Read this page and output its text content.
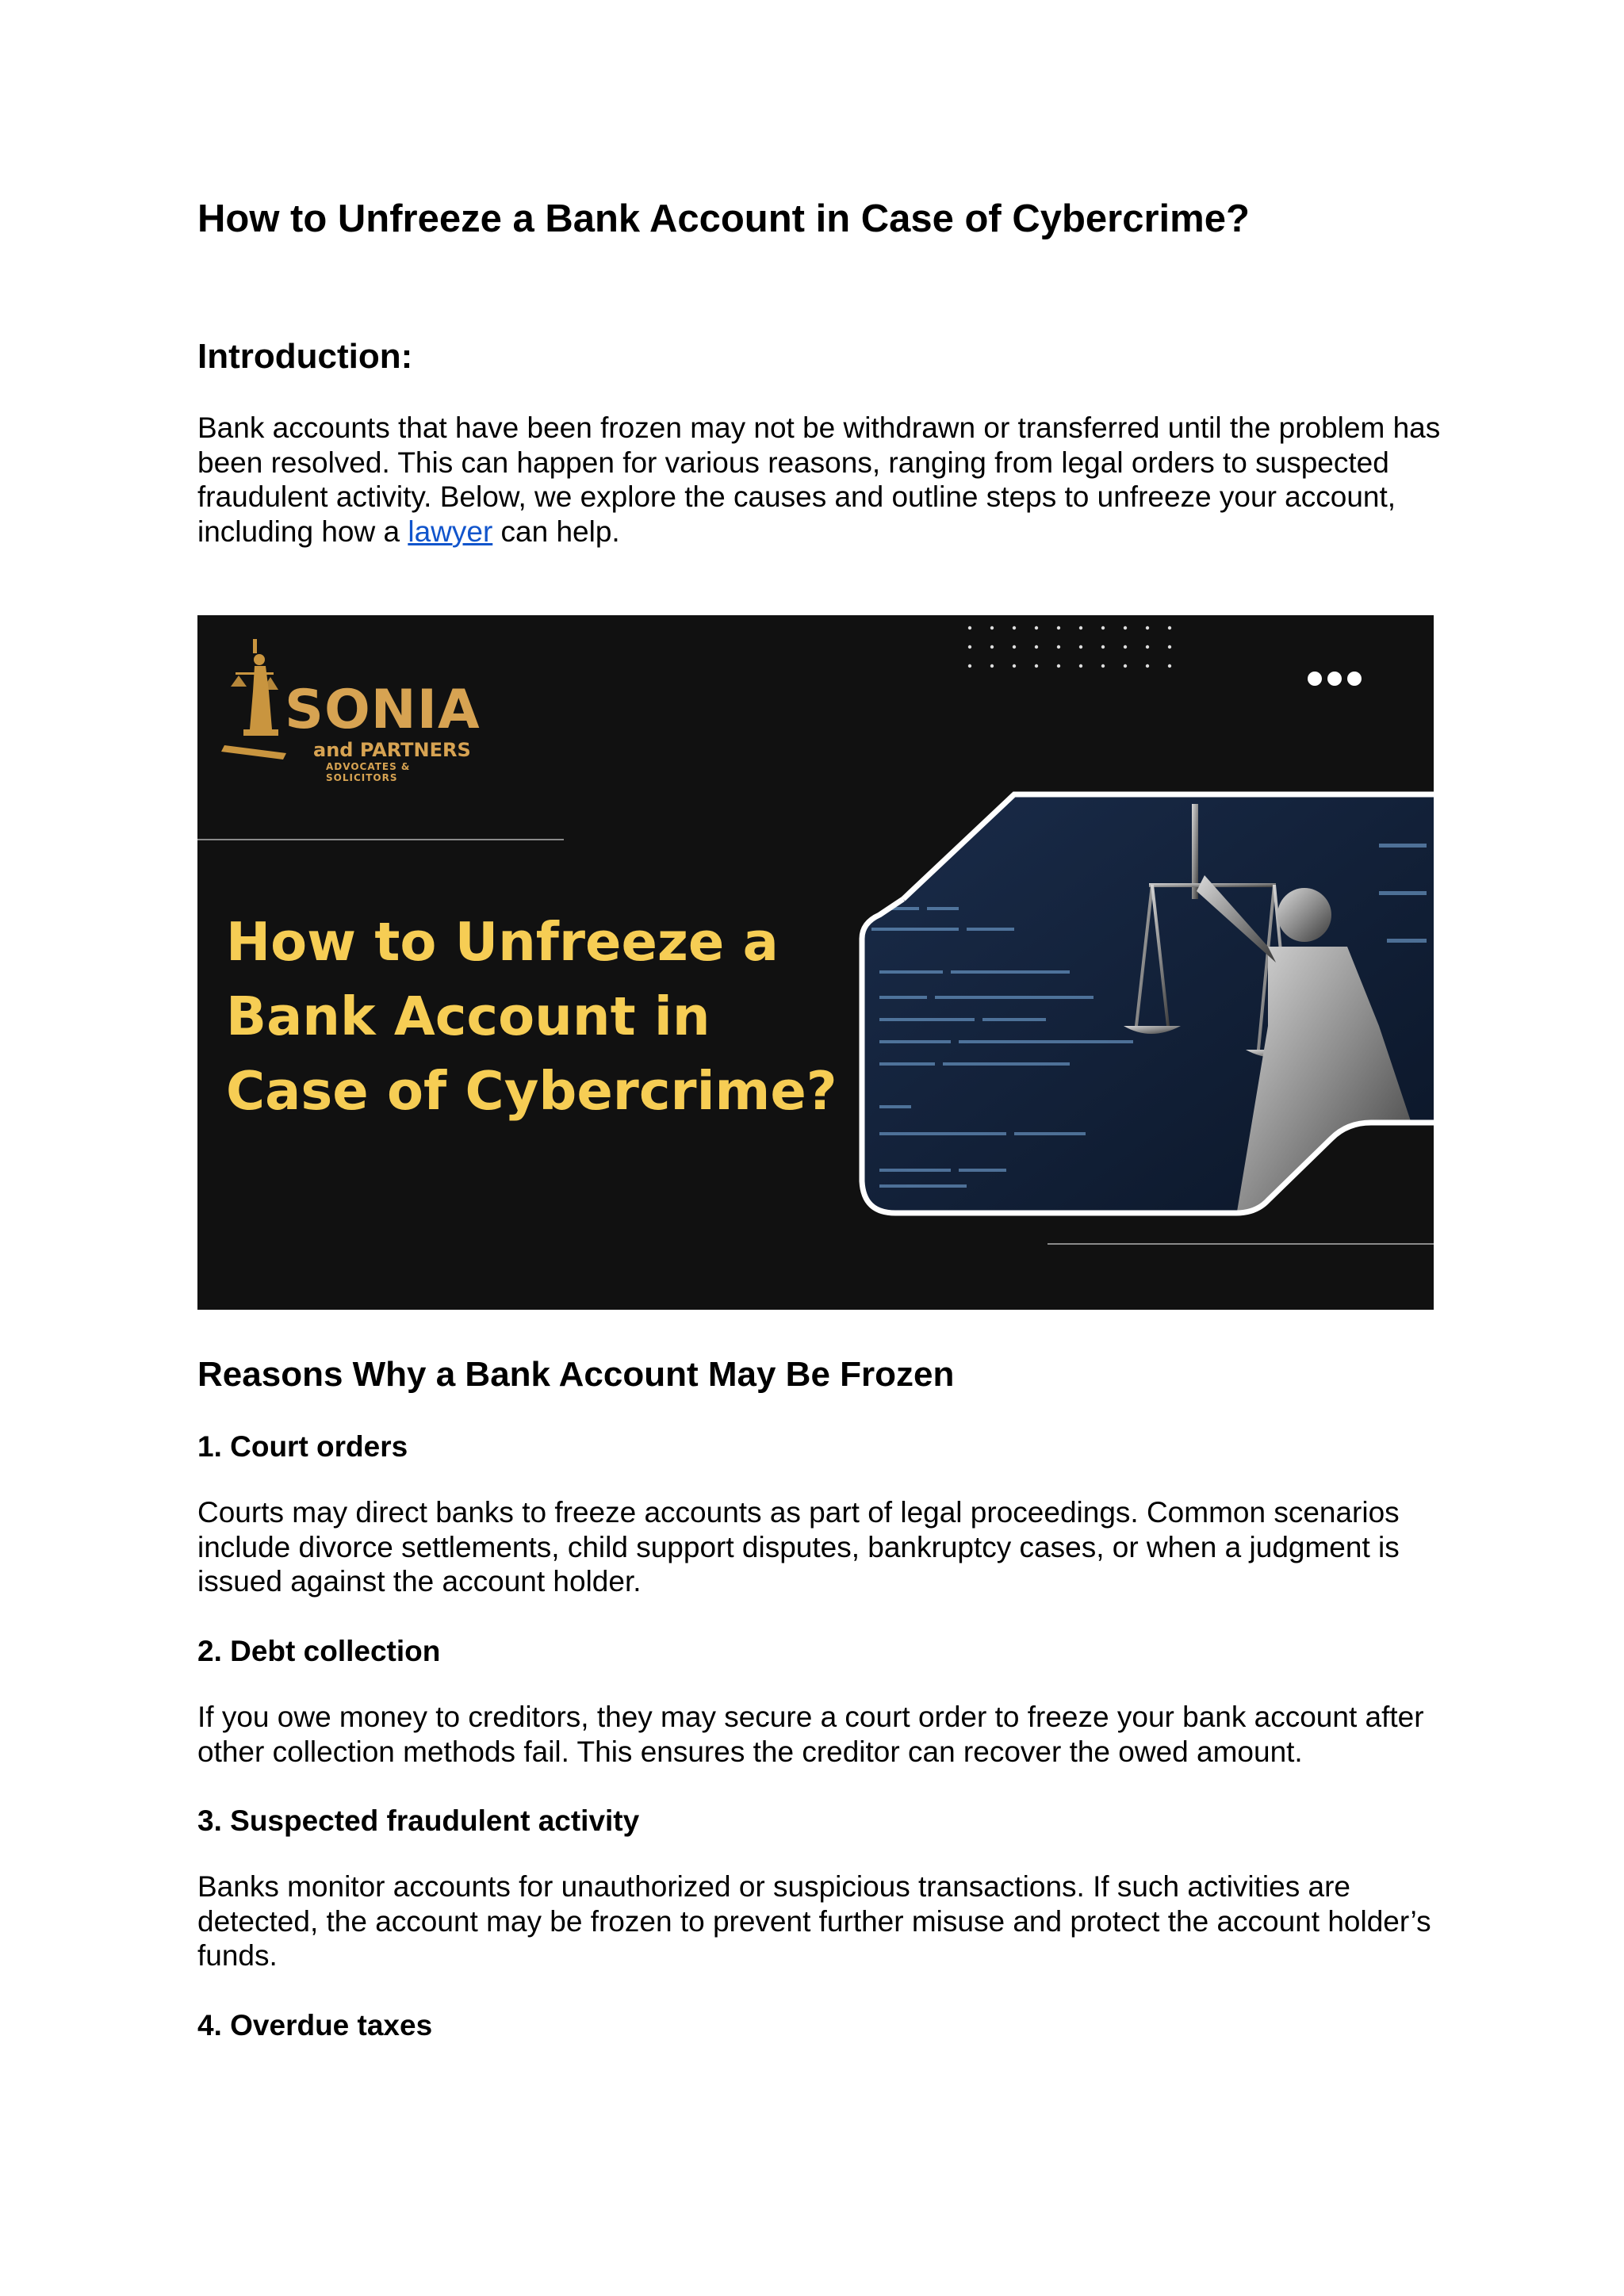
How to Unfreeze a Bank Account in Case of Cybercrime?
Introduction:

Bank accounts that have been frozen may not be withdrawn or transferred until the problem has been resolved. This can happen for various reasons, ranging from legal orders to suspected fraudulent activity. Below, we explore the causes and outline steps to unfreeze your account, including how a lawyer can help.

SONIA

and PARTNERS

ADVOCATES & SOLICITORS

How to Unfreeze a
Bank Account in
Case of Cybercrime?

Reasons Why a Bank Account May Be Frozen
1. Court orders

Courts may direct banks to freeze accounts as part of legal proceedings. Common scenarios include divorce settlements, child support disputes, bankruptcy cases, or when a judgment is issued against the account holder.

2. Debt collection

If you owe money to creditors, they may secure a court order to freeze your bank account after other collection methods fail. This ensures the creditor can recover the owed amount.

3. Suspected fraudulent activity

Banks monitor accounts for unauthorized or suspicious transactions. If such activities are detected, the account may be frozen to prevent further misuse and protect the account holder’s funds.

4. Overdue taxes
